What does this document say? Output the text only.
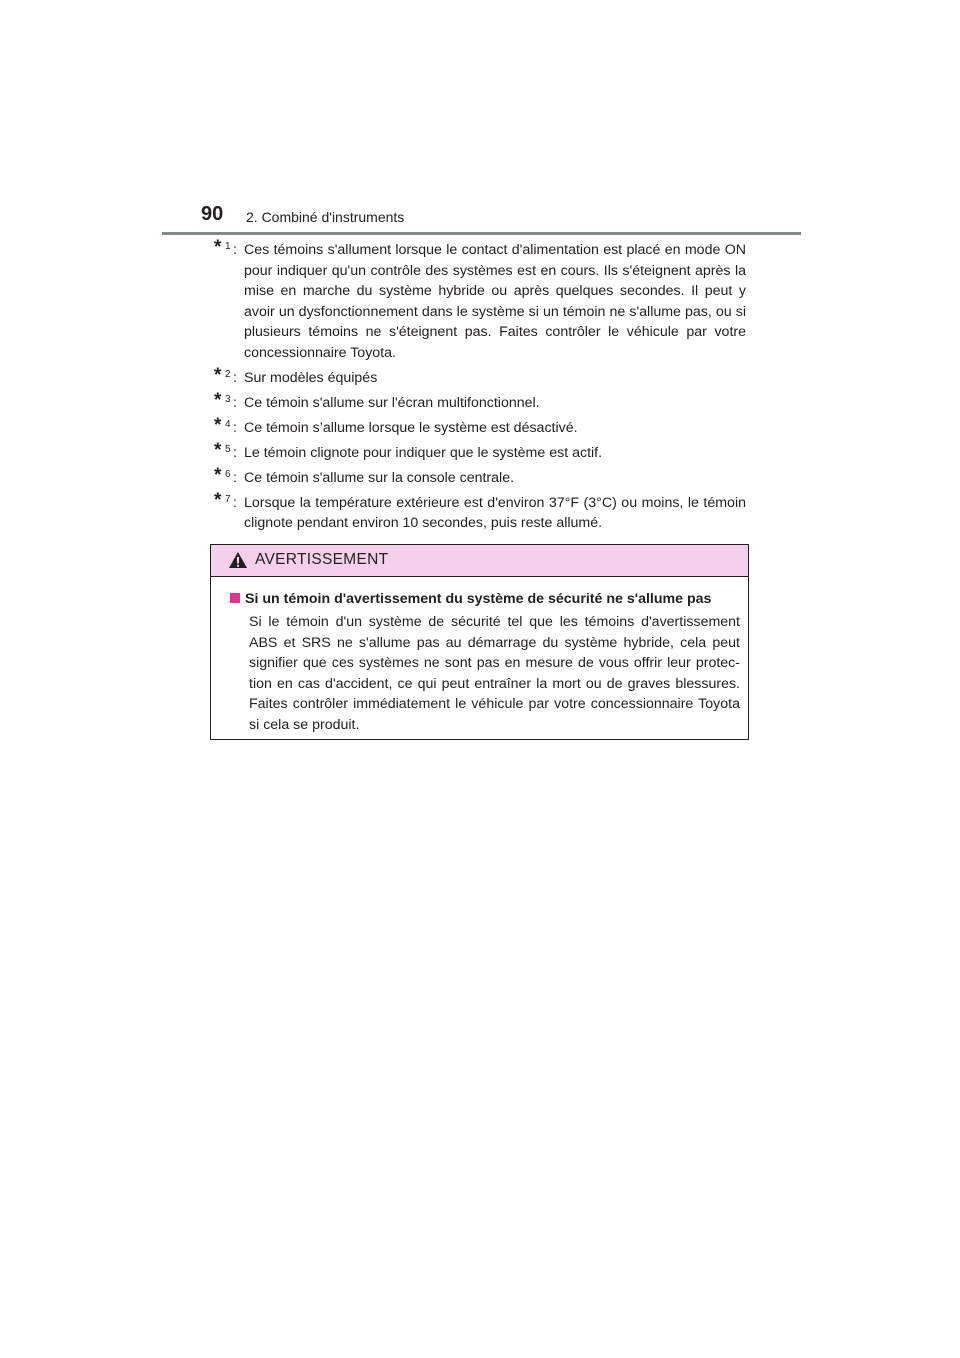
90 2. Combiné d'instruments
* 1 : Ces témoins s'allument lorsque le contact d'alimentation est placé en mode ON pour indiquer qu'un contrôle des systèmes est en cours. Ils s'éteignent après la mise en marche du système hybride ou après quelques secondes. Il peut y avoir un dysfonctionnement dans le système si un témoin ne s'allume pas, ou si plusieurs témoins ne s'éteignent pas. Faites contrôler le véhicule par votre concessionnaire Toyota.
* 2 : Sur modèles équipés
* 3 : Ce témoin s'allume sur l'écran multifonctionnel.
* 4 : Ce témoin s’allume lorsque le système est désactivé.
* 5 : Le témoin clignote pour indiquer que le système est actif.
* 6 : Ce témoin s'allume sur la console centrale.
* 7 : Lorsque la température extérieure est d'environ 37°F (3°C) ou moins, le témoin clignote pendant environ 10 secondes, puis reste allumé.
AVERTISSEMENT
Si un témoin d'avertissement du système de sécurité ne s'allume pas
Si le témoin d'un système de sécurité tel que les témoins d'avertissement ABS et SRS ne s'allume pas au démarrage du système hybride, cela peut signifier que ces systèmes ne sont pas en mesure de vous offrir leur protection en cas d'accident, ce qui peut entraîner la mort ou de graves blessures. Faites contrôler immédiatement le véhicule par votre concessionnaire Toyota si cela se produit.
